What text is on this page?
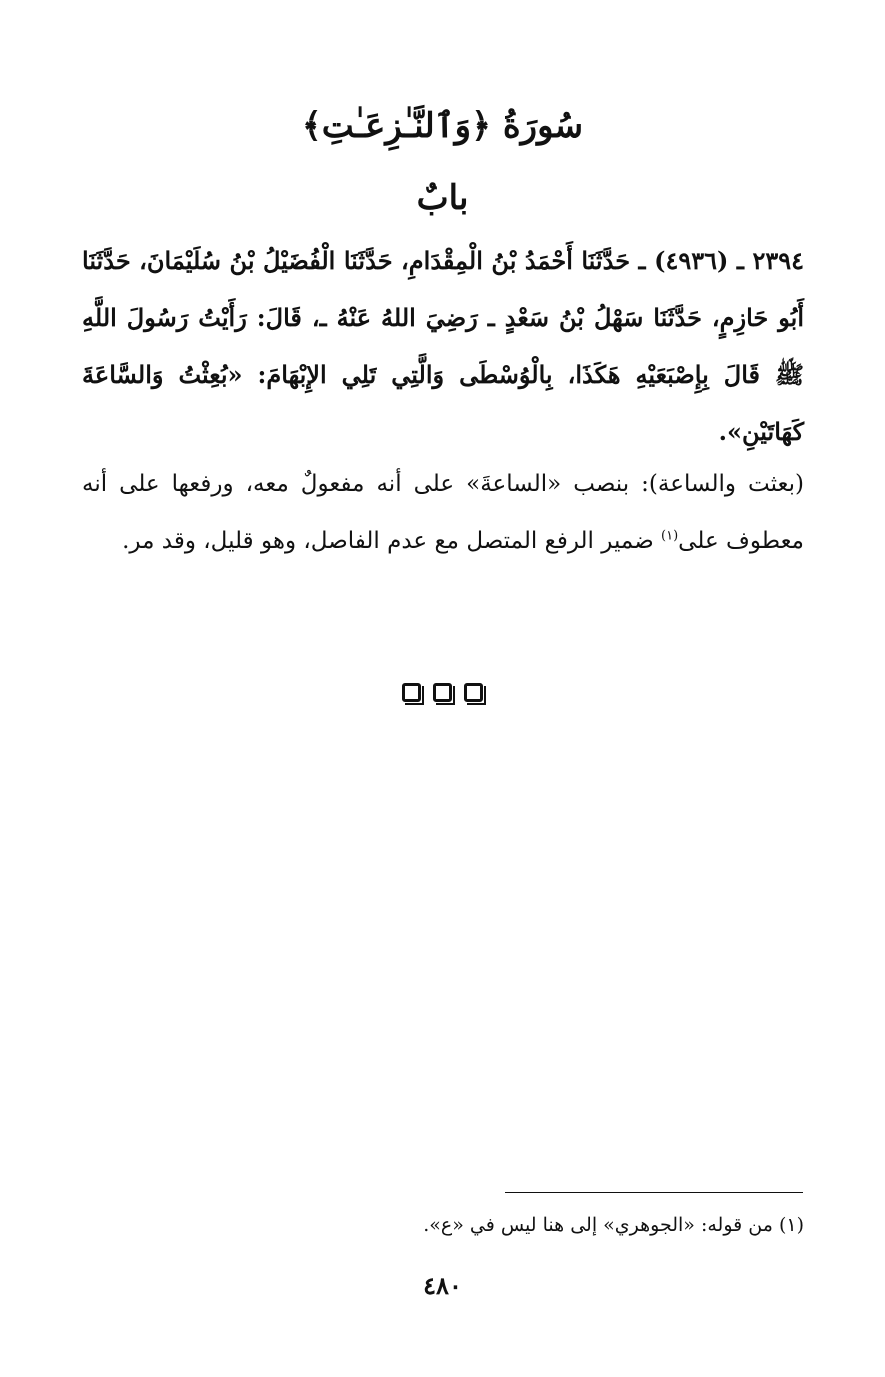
سُورَةُ ﴿وَٱلنَّـٰزِعَـٰتِ﴾
بابٌ
٢٣٩٤ ـ (٤٩٣٦) ـ حَدَّثَنَا أَحْمَدُ بْنُ الْمِقْدَامِ، حَدَّثَنَا الْفُضَيْلُ بْنُ سُلَيْمَانَ، حَدَّثَنَا أَبُو حَازِمٍ، حَدَّثَنَا سَهْلُ بْنُ سَعْدٍ ـ رَضِيَ اللهُ عَنْهُ ـ، قَالَ: رَأَيْتُ رَسُولَ اللَّهِ ﷺ قَالَ بِإِصْبَعَيْهِ هَكَذَا، بِالْوُسْطَى وَالَّتِي تَلِي الإِبْهَامَ: «بُعِثْتُ وَالسَّاعَةَ كَهَاتَيْنِ».
(بعثت والساعة): بنصب «الساعةَ» على أنه مفعولٌ معه، ورفعها على أنه معطوف على$^{(١)}$ ضمير الرفع المتصل مع عدم الفاصل، وهو قليل، وقد مر.
(١) من قوله: «الجوهري» إلى هنا ليس في «ع».
٤٨٠
